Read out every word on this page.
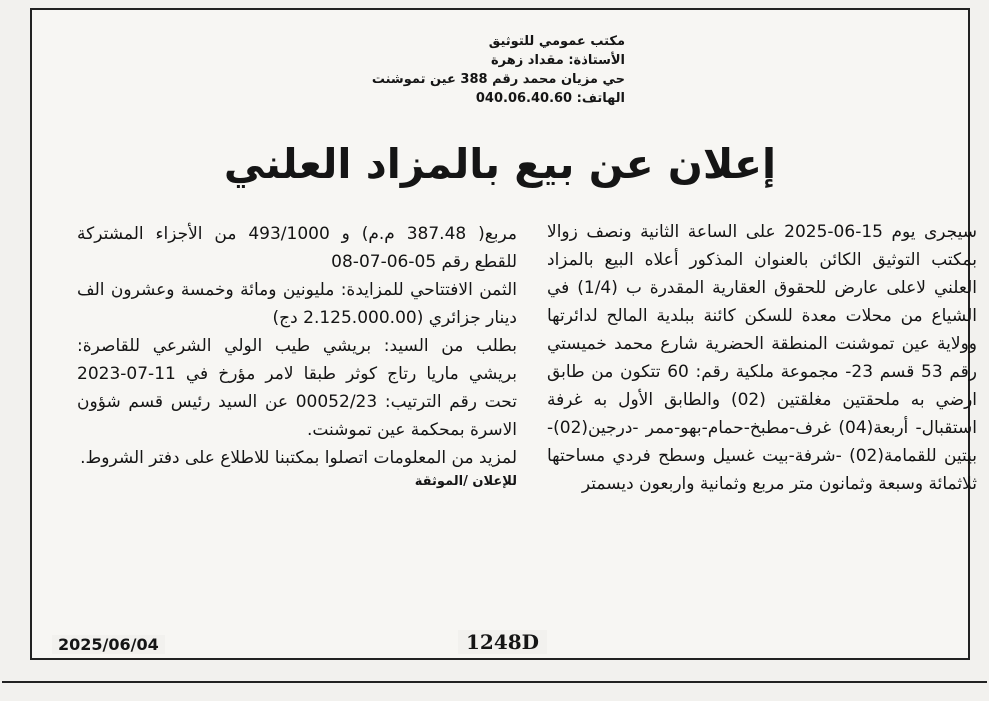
مكتب عمومي للتوثيق
الأستاذة: مقداد زهرة
حي مزيان محمد رقم 388 عين تموشنت
الهاتف: 040.06.40.60
إعلان عن بيع بالمزاد العلني

سيجرى يوم 15-06-2025 على الساعة الثانية ونصف زوالا بمكتب التوثيق الكائن بالعنوان المذكور أعلاه البيع بالمزاد العلني لاعلى عارض للحقوق العقارية المقدرة ب (1/4) في الشياع من محلات معدة للسكن كائنة ببلدية المالح لدائرتها وولاية عين تموشنت المنطقة الحضرية شارع محمد خميستي رقم 53 قسم 23- مجموعة ملكية رقم: 60 تتكون من طابق ارضي به ملحقتين مغلقتين (02) والطابق الأول به غرفة استقبال- أربعة(04) غرف-مطبخ-حمام-بهو-ممر -درجين(02)-بيتين للقمامة(02) -شرفة-بيت غسيل وسطح فردي مساحتها ثلاثمائة وسبعة وثمانون متر مربع وثمانية واربعون ديسمتر

مربع( 387.48 م.م) و 493/1000 من الأجزاء المشتركة للقطع رقم 05-06-07-08

الثمن الافتتاحي للمزايدة: مليونين ومائة وخمسة وعشرون الف دينار جزائري (2.125.000.00 دج)

بطلب من السيد: بريشي طيب الولي الشرعي للقاصرة: بريشي ماريا رتاج كوثر طبقا لامر مؤرخ في 11-07-2023 تحت رقم الترتيب: 00052/23 عن السيد رئيس قسم شؤون الاسرة بمحكمة عين تموشنت.

لمزيد من المعلومات اتصلوا بمكتبنا للاطلاع على دفتر الشروط.

للإعلان /الموثقة

2025/06/04	1248D
